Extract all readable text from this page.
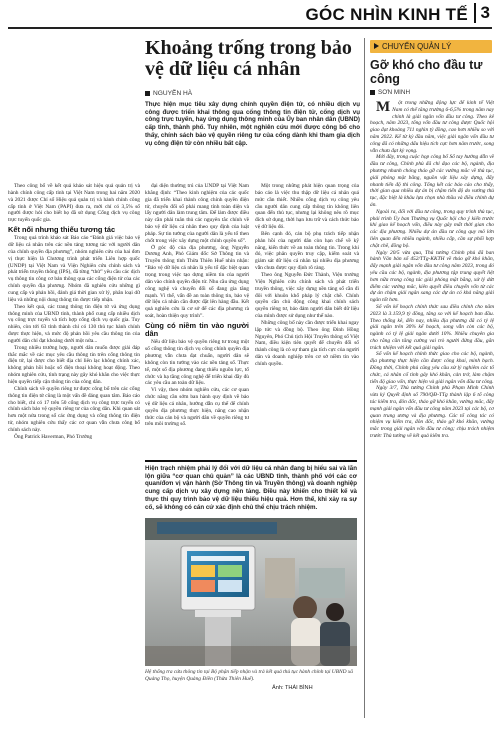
GÓC NHÌN KINH TẾ 3
Khoảng trống trong bảo vệ dữ liệu cá nhân
NGUYỄN HÀ
Thực hiện mục tiêu xây dựng chính quyền điện tử, có nhiều dịch vụ công được triển khai thông qua cổng thông tin điện tử, cổng dịch vụ công trực tuyến, hay ứng dụng thông minh của Ủy ban nhân dân (UBND) cấp tỉnh, thành phố. Tuy nhiên, một nghiên cứu mới được công bố cho thấy, chính sách bảo vệ quyền riêng tư của cổng dành khi tham gia dịch vụ công điện tử còn nhiều bất cập.

Theo công bố về kết quả khảo sát hiệu quả quản trị và hành chính công cấp tỉnh tại Việt Nam trong hai năm 2020 và 2021 được Chỉ số Hiệu quả quản trị và hành chính công cấp tỉnh ở Việt Nam (PAPI) đưa ra, mới chỉ có 3,5% số người được hỏi cho biết họ đã sử dụng Cổng dịch vụ công trực tuyến quốc gia.

Kết nối nhưng thiếu tương tác

Trong quá trình khảo sát Báo cáo “Đánh giá việc bảo vệ dữ liệu cá nhân trên các nền tảng tương tác với người dân của chính quyền địa phương”, nhóm nghiên cứu của hai đơn vị thực hiện là Chương trình phát triển Liên hợp quốc (UNDP) tại Việt Nam và Viện Nghiên cứu chính sách và phát triển truyền thông (IPS), đã từng “thử” yêu cầu các dịch vụ thông tin công cơ bản thông qua các cổng điện tử của các chính quyền địa phương. Nhóm đã nghiên cứu những gì cung cấp và phản hồi, đánh giá thời gian xử lý, phân loại dữ liệu và những nội dung thông tin được tiếp nhận.

Theo kết quả, các trang thông tin điện tử và ứng dụng thông minh của UBND tỉnh, thành phố cung cấp nhiều dịch vụ công trực tuyến và tích hợp cổng dịch vụ quốc gia. Tuy nhiên, còn tới 63 tỉnh thành chỉ có 130 thủ tục hành chính được thực hiện, và mức độ phản hồi yêu cầu thông tin của người dân chỉ đạt khoảng dưới một nửa...

Trong nhiều trường hợp, người dân muốn được giải đáp thắc mắc về các mục yêu cầu thông tin trên cổng thông tin điện tử, lại được cho biết địa chỉ liên lạc không chính xác, không phản hồi hoặc số điện thoại không hoạt động. Theo nhóm nghiên cứu, tình trạng này gây khó khăn cho việc thực hiện quyền tiếp cận thông tin của công dân.

Chính sách về quyền riêng tư được công bố trên các cổng thông tin điện tử cũng là một vấn đề đáng quan tâm. Báo cáo cho biết, chỉ có 17 trên 50 cổng dịch vụ công trực tuyến có chính sách bảo vệ quyền riêng tư của công dân. Khi quan sát hơn một nửa trong số các ứng dụng và cổng thông tin điện tử, nhóm nghiên cứu thấy các cơ quan vẫn chưa công bố chính sách này.

Ông Patrick Haverman, Phó Trưởng

đại diện thường trú của UNDP tại Việt Nam khẳng định: “Theo kinh nghiệm của các quốc gia đã triển khai thành công chính quyền điện tử, chuyển đổi số phải mang tính toàn diện và lấy người dân làm trung tâm. Để làm được điều này cần phải tuân thủ các nguyên tắc chính về bảo vệ dữ liệu cá nhân theo quy định của luật pháp. Sự tin tưởng của người dân là yếu tố then chốt trong việc xây dựng một chính quyền số”.

Ở góc độ của địa phương, ông Nguyễn Dương Anh, Phó Giám đốc Sở Thông tin và Truyền thông tỉnh Thừa Thiên Huế nhìn nhận: “Bảo vệ dữ liệu cá nhân là yếu tố đặc biệt quan trọng trong việc tạo dựng niềm tin của người dân vào chính quyền điện tử. Nhu cầu ứng dụng công nghệ và chuyển đổi số đang gia tăng mạnh. Vì thế, vấn đề an toàn thông tin, bảo vệ dữ liệu cá nhân cần được đặt lên hàng đầu. Kết quả nghiên cứu là cơ sở để các địa phương rà soát, hoàn thiện quy trình”.

Cùng có niềm tin vào người dân

Nếu dữ liệu bảo vệ quyền riêng tư trong một số cổng thông tin dịch vụ công chính quyền địa phương vẫn chưa đạt chuẩn, người dân sẽ không còn tin tưởng vào các nền tảng số. Thực tế, một số địa phương đang thiếu nguồn lực, tổ chức và hạ tầng công nghệ để triển khai đầy đủ các yêu cầu an toàn dữ liệu.

Vì vậy, theo nhóm nghiên cứu, các cơ quan chức năng cần sớm ban hành quy định về bảo vệ dữ liệu cá nhân, hướng dẫn cụ thể để chính quyền địa phương thực hiện, nâng cao nhận thức của cán bộ và người dân về quyền riêng tư trên môi trường số.

Một trong những phát hiện quan trọng của báo cáo là việc thu thập dữ liệu cá nhân quá mức cần thiết. Nhiều cổng dịch vụ công yêu cầu người dân cung cấp thông tin không liên quan đến thủ tục, nhưng lại không nêu rõ mục đích sử dụng, thời hạn lưu trữ và cách thức bảo vệ dữ liệu đó.

Bên cạnh đó, cán bộ phụ trách tiếp nhận phản hồi của người dân còn hạn chế về kỹ năng, kiến thức về an toàn thông tin. Trong khi đó, việc phân quyền truy cập, kiểm soát và giám sát dữ liệu cá nhân tại nhiều địa phương vẫn chưa được quy định rõ ràng.

Theo ông Nguyễn Đức Thành, Viện trưởng Viện Nghiên cứu chính sách và phát triển truyền thông, việc xây dựng nền tảng số cần đi đôi với khuôn khổ pháp lý chặt chẽ. Chính quyền cần chủ động công khai chính sách quyền riêng tư, bảo đảm người dân biết dữ liệu của mình được sử dụng như thế nào.

Những công bố này cần được triển khai ngay lập tức và đồng bộ. Theo ông Đinh Hồng Nguyên, Phó Chủ tịch Hội Truyền thông số Việt Nam, điều kiện tiên quyết để chuyển đổi số thành công là có sự tham gia tích cực của người dân và doanh nghiệp trên cơ sở niềm tin vào chính quyền.

Hiện trạch nhiệm phải lý đổi với dữ liệu cá nhân đang bị hiểu sai và lãn lộn giữa “cơ quan chủ quản” là các UBND tỉnh, thành phố với các cơ quan/đơn vị vận hành (Sở Thông tin và Truyền thông) và doanh nghiệp cung cấp dịch vụ xây dựng nền tảng. Điều này khiến cho thiết kế và thực thi quy trình bảo vệ dữ liệu thiếu hiệu quả. Hơn thế, khi xảy ra sự cố, sẽ không có cán cứ xác định chủ thể chịu trách nhiệm.
Hệ thống tra cứu thông tin tại Bộ phận tiếp nhận và trả kết quả thủ tục hành chính tại UBND xã Quảng Thọ, huyện Quảng Điền (Thừa Thiên Huế).
Ảnh: THÁI BÌNH
CHUYỂN QUẢN LÝ
Gỡ khó cho đầu tư công
SƠN MINH

M ột trong những động lực để kinh tế Việt Nam có thể tăng trưởng 6-6,5% trong năm nay chính là giải ngân vốn đầu tư công. Theo kế hoạch, năm 2023, tổng vốn đầu tư công được Quốc hội giao đạt khoảng 711 nghìn tỷ đồng, cao hơn nhiều so với năm 2022. Kể từ kỳ đầu năm, việc giải ngân vốn đầu tư công đã có những dấu hiệu tích cực hơn năm trước, song vẫn chưa đạt kỳ vọng.

Mới đây, trong cuộc họp công bố Sổ tay hướng dẫn về đầu tư công, Chính phủ đã chỉ đạo các bộ, ngành, địa phương nhanh chóng tháo gỡ các vướng mắc về thủ tục, giải phóng mặt bằng, nguồn vật liệu xây dựng, đẩy nhanh tiến độ thi công. Tổng kết các báo cáo cho thấy, thời gian qua nhiều dự án bị chậm tiến độ do vướng thủ tục, đặc biệt là khâu lựa chọn nhà thầu và điều chỉnh dự án.

Ngoài ra, đối với đầu tư công, trong quy trình thủ tục, phải trình Ủy ban Thường vụ Quốc hội cho ý kiến trước khi giao kế hoạch vốn, điều này gây mất thời gian cho các địa phương. Nhiều dự án đầu tư công quy mô lớn liên quan đến nhiều ngành, nhiều cấp, cần sự phối hợp chặt chẽ, đồng bộ.

Ngày 20/5 vừa qua, Thủ tướng Chính phủ đã ban hành Văn bản số 452/TTg-KKTH về tháo gỡ khó khăn, đẩy mạnh giải ngân vốn đầu tư công năm 2023, trong đó yêu cầu các bộ, ngành, địa phương tập trung quyết liệt hơn nữa trong công tác giải phóng mặt bằng, xử lý dứt điểm các vướng mắc, kiên quyết điều chuyển vốn từ các dự án chậm giải ngân sang các dự án có khả năng giải ngân tốt hơn.

Số vốn kế hoạch chính thức sau điều chỉnh cho năm 2023 là 3.159,9 tỷ đồng, tăng so với kế hoạch ban đầu. Theo thống kê, đến nay, nhiều địa phương đã có tỷ lệ giải ngân trên 30% kế hoạch, song vẫn còn các bộ, ngành có tỷ lệ giải ngân dưới 10%. Nhiều chuyên gia cho rằng cần tăng cường vai trò người đứng đầu, gắn trách nhiệm với kết quả giải ngân.

Số vốn kế hoạch chính thức giao cho các bộ, ngành, địa phương thực hiện cần được công khai, minh bạch. Đồng thời, Chính phủ cũng yêu cầu xử lý nghiêm các tổ chức, cá nhân cố tình gây khó khăn, cản trở, làm chậm tiến độ giao vốn, thực hiện và giải ngân vốn đầu tư công.

Ngày 3/7, Thủ tướng Chính phủ Phạm Minh Chính vừa ký Quyết định số 790/QĐ-TTg thành lập 6 tổ công tác kiểm tra, đôn đốc, tháo gỡ khó khăn, vướng mắc, đẩy mạnh giải ngân vốn đầu tư công năm 2023 tại các bộ, cơ quan trung ương và địa phương. Các tổ công tác có nhiệm vụ kiểm tra, đôn đốc, tháo gỡ khó khăn, vướng mắc trong giải ngân vốn đầu tư công; chịu trách nhiệm trước Thủ tướng về kết quả kiểm tra.
